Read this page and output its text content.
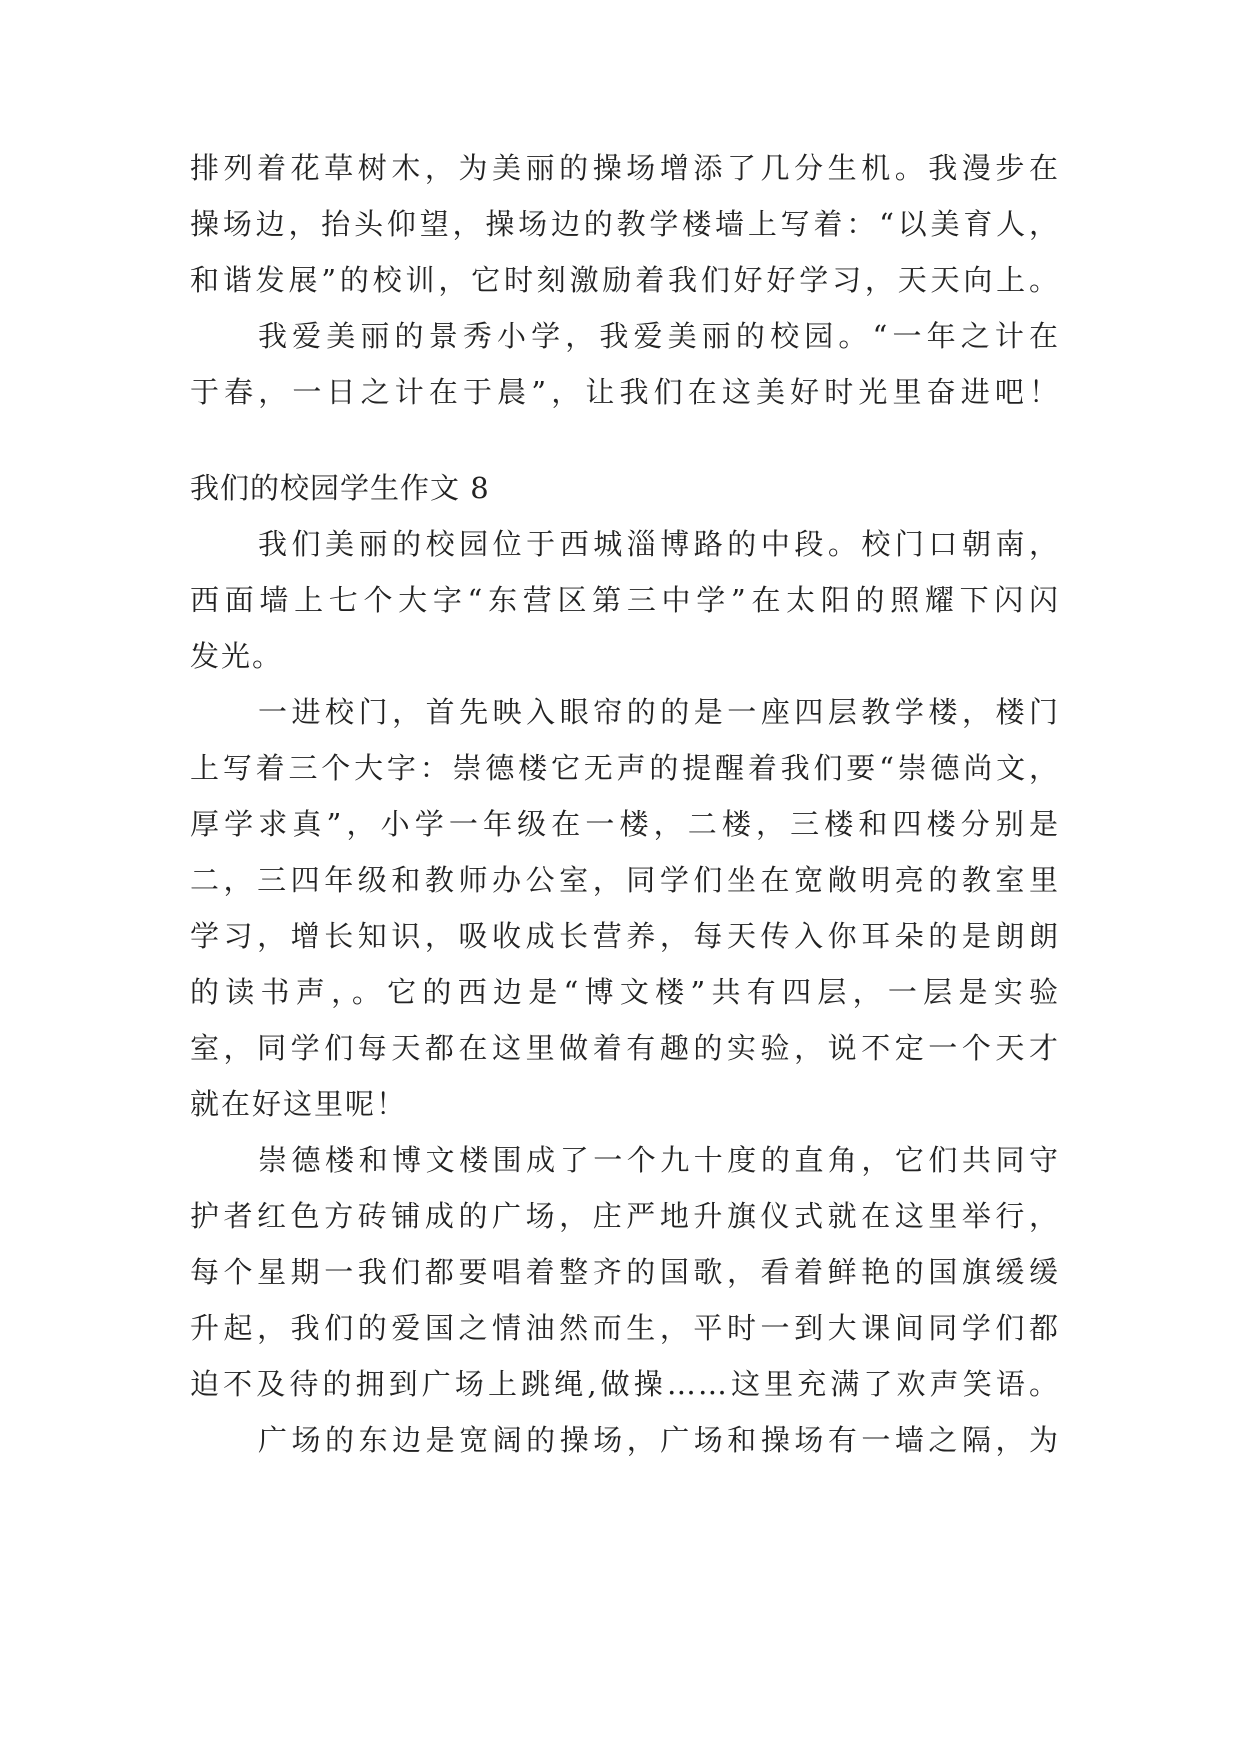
排列着花草树木，为美丽的操场增添了几分生机。我漫步在
操场边，抬头仰望，操场边的教学楼墙上写着：“以美育人，
和谐发展”的校训，它时刻激励着我们好好学习，天天向上。
我爱美丽的景秀小学，我爱美丽的校园。“一年之计在
于春，一日之计在于晨”，让我们在这美好时光里奋进吧！
我们的校园学生作文 8
我们美丽的校园位于西城淄博路的中段。校门口朝南，
西面墙上七个大字“东营区第三中学”在太阳的照耀下闪闪
发光。
一进校门，首先映入眼帘的的是一座四层教学楼，楼门
上写着三个大字：崇德楼它无声的提醒着我们要“崇德尚文，
厚学求真”，小学一年级在一楼，二楼，三楼和四楼分别是
二，三四年级和教师办公室，同学们坐在宽敞明亮的教室里
学习，增长知识，吸收成长营养，每天传入你耳朵的是朗朗
的读书声，。它的西边是“博文楼”共有四层，一层是实验
室，同学们每天都在这里做着有趣的实验，说不定一个天才
就在好这里呢！
崇德楼和博文楼围成了一个九十度的直角，它们共同守
护者红色方砖铺成的广场，庄严地升旗仪式就在这里举行，
每个星期一我们都要唱着整齐的国歌，看着鲜艳的国旗缓缓
升起，我们的爱国之情油然而生，平时一到大课间同学们都
迫不及待的拥到广场上跳绳,做操……这里充满了欢声笑语。
广场的东边是宽阔的操场，广场和操场有一墙之隔，为
